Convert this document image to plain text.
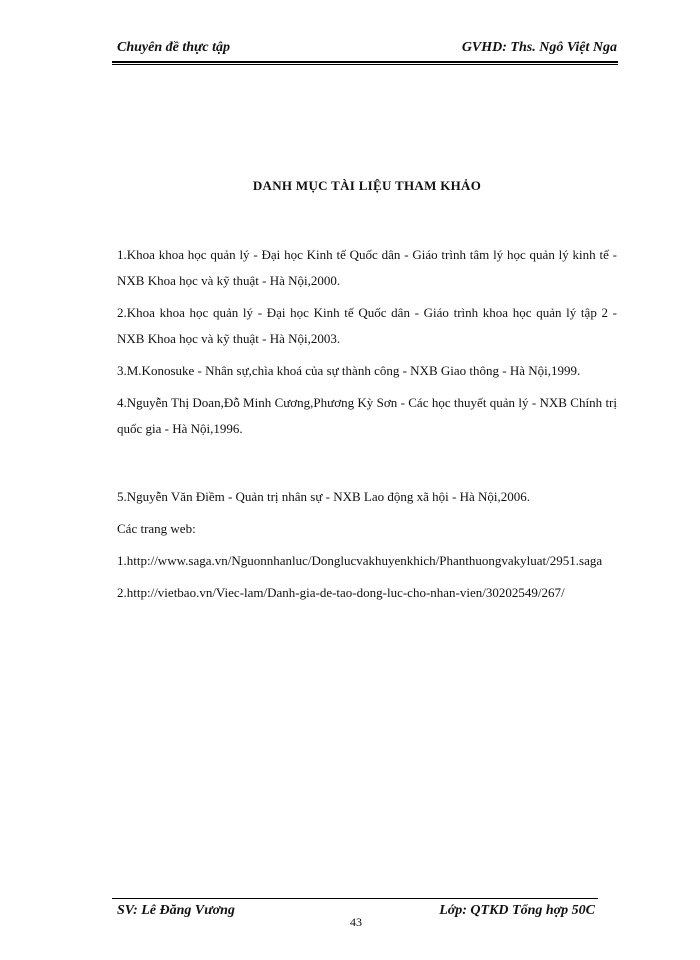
Chuyên đề thực tập	GVHD: Ths. Ngô Việt Nga
DANH MỤC TÀI LIỆU THAM KHẢO

1.Khoa khoa học quản lý - Đại học Kinh tế Quốc dân - Giáo trình tâm lý học quản lý kinh tế - NXB Khoa học và kỹ thuật - Hà Nội,2000.

2.Khoa khoa học quản lý - Đại học Kinh tế Quốc dân - Giáo trình khoa học quản lý tập 2 - NXB Khoa học và kỹ thuật - Hà Nội,2003.

3.M.Konosuke - Nhân sự,chìa khoá của sự thành công - NXB Giao thông - Hà Nội,1999.

4.Nguyễn Thị Doan,Đỗ Minh Cương,Phương Kỳ Sơn - Các học thuyết quản lý - NXB Chính trị quốc gia - Hà Nội,1996.

5.Nguyễn Văn Điềm - Quản trị nhân sự - NXB Lao động xã hội - Hà Nội,2006.

Các trang web:

1.http://www.saga.vn/Nguonnhanluc/Donglucvakhuyenkhich/Phanthuongvakyluat/2951.saga

2.http://vietbao.vn/Viec-lam/Danh-gia-de-tao-dong-luc-cho-nhan-vien/30202549/267/

SV: Lê Đăng Vương	Lớp: QTKD Tổng hợp 50C
43
